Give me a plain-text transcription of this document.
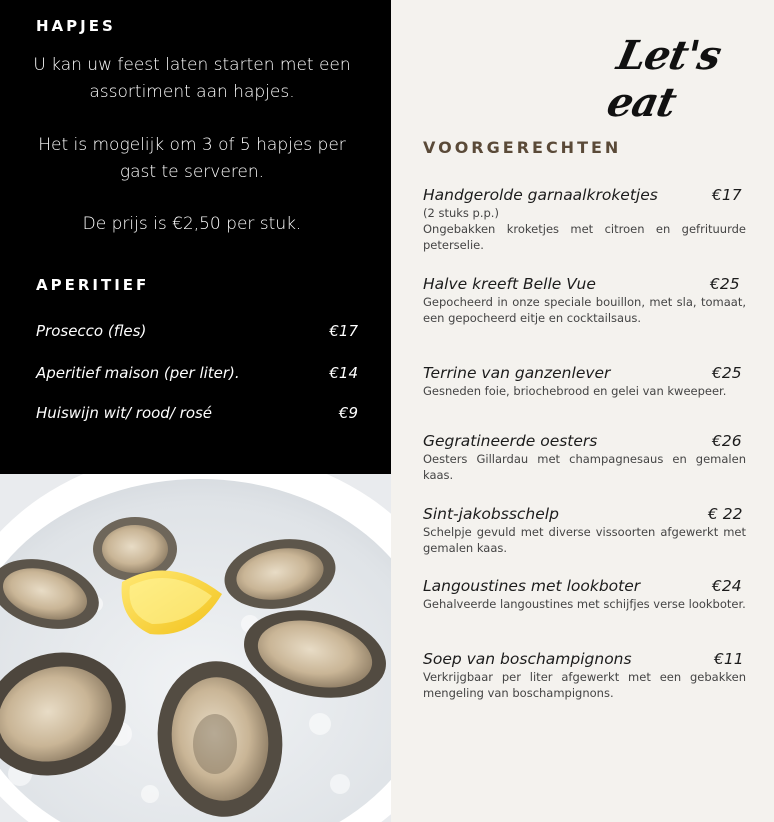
HAPJES

U kan uw feest laten starten met een assortiment aan hapjes.

Het is mogelijk om 3 of 5 hapjes per gast te serveren.

De prijs is €2,50 per stuk.

APERITIEF
Prosecco (fles)	€17
Aperitief maison (per liter).	€14
Huiswijn wit/ rood/ rosé	€9
Let's eat
VOORGERECHTEN
Handgerolde garnaalkroketjes	€17
(2 stuks p.p.)

Ongebakken kroketjes met citroen en gefrituurde peterselie.

Halve kreeft Belle Vue	€25

Gepocheerd in onze speciale bouillon, met sla, tomaat, een gepocheerd eitje en cocktailsaus.

Terrine van ganzenlever	€25

Gesneden foie, briochebrood en gelei van kweepeer.

Gegratineerde oesters	€26

Oesters Gillardau met champagnesaus en gemalen kaas.

Sint-jakobsschelp	€ 22

Schelpje gevuld met diverse vissoorten afgewerkt met gemalen kaas.

Langoustines met lookboter	€24

Gehalveerde langoustines met schijfjes verse lookboter.

Soep van boschampignons	€11

Verkrijgbaar per liter afgewerkt met een gebakken mengeling van boschampignons.
